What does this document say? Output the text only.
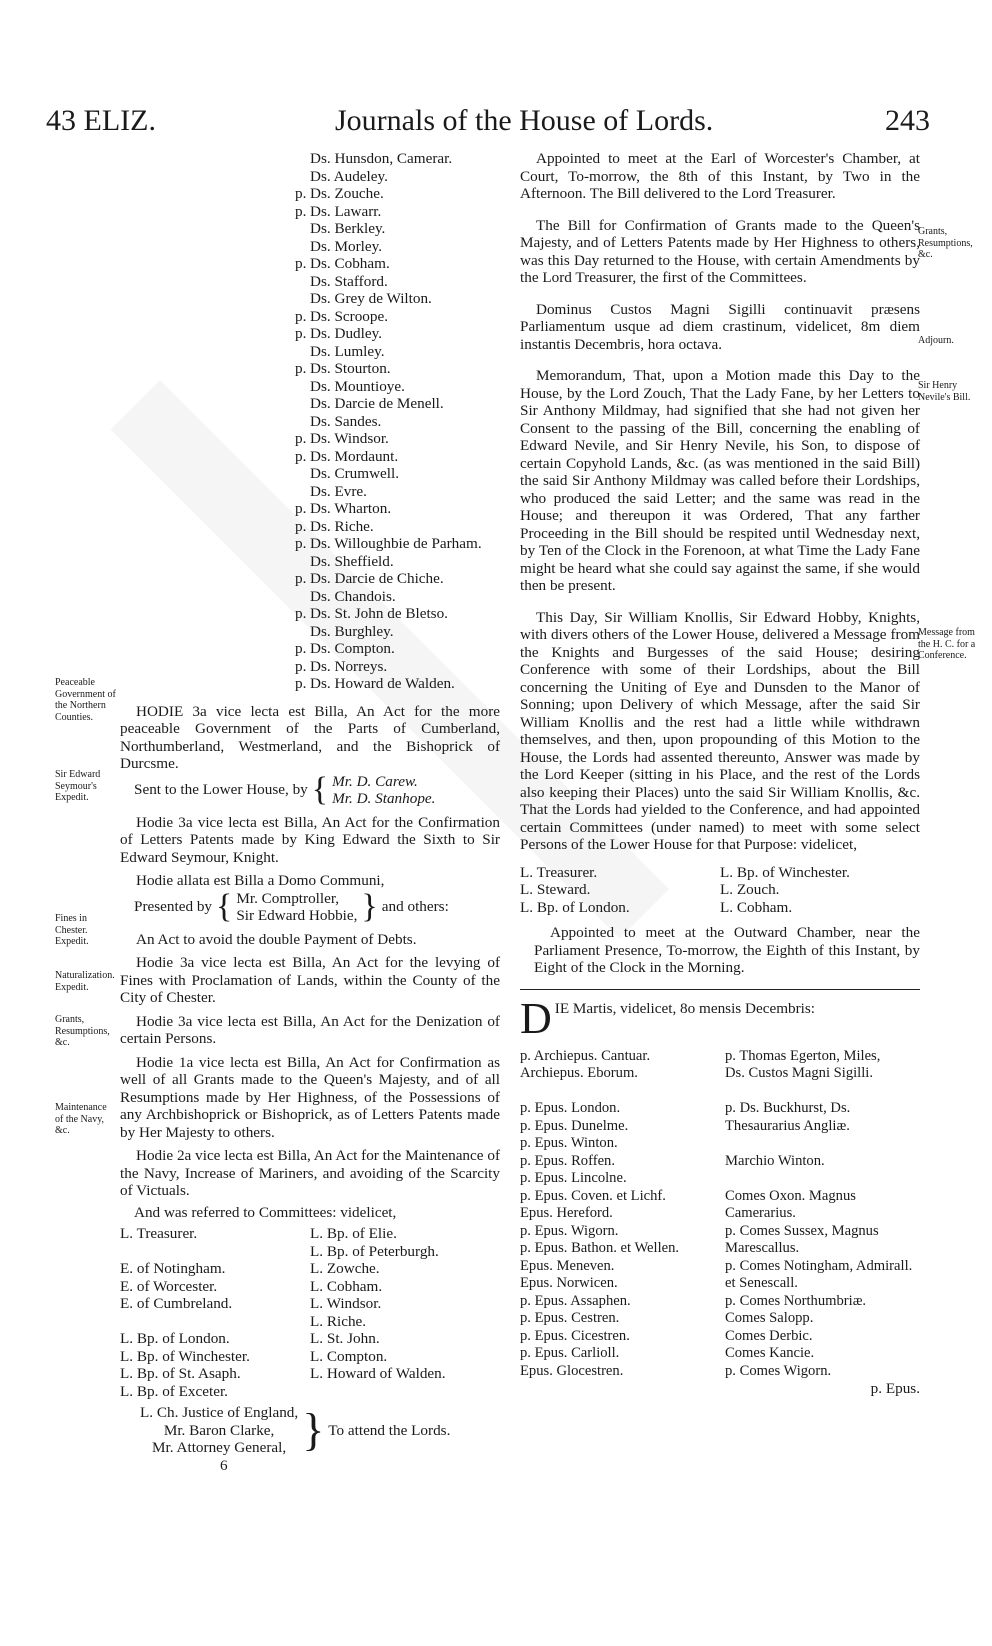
43 ELIZ.	Journals of the House of Lords.	243
Peaceable Government of the Northern Counties.
Sir Edward Seymour's Expedit.
Fines in Chester. Expedit.
Naturalization. Expedit.
Grants, Resumptions, &c.
Maintenance of the Navy, &c.
Grants, Resumptions, &c.
Adjourn.
Sir Henry Nevile's Bill.
Message from the H. C. for a Conference.
Ds. Hunsdon, Camerar.
Ds. Audeley.
p. Ds. Zouche.
p. Ds. Lawarr.
Ds. Berkley.
Ds. Morley.
p. Ds. Cobham.
Ds. Stafford.
Ds. Grey de Wilton.
p. Ds. Scroope.
p. Ds. Dudley.
Ds. Lumley.
p. Ds. Stourton.
Ds. Mountioye.
Ds. Darcie de Menell.
Ds. Sandes.
p. Ds. Windsor.
p. Ds. Mordaunt.
Ds. Crumwell.
Ds. Evre.
p. Ds. Wharton.
p. Ds. Riche.
p. Ds. Willoughbie de Parham.
Ds. Sheffield.
p. Ds. Darcie de Chiche.
Ds. Chandois.
p. Ds. St. John de Bletso.
Ds. Burghley.
p. Ds. Compton.
p. Ds. Norreys.
p. Ds. Howard de Walden.
HODIE 3a vice lecta est Billa, An Act for the more peaceable Government of the Parts of Cumberland, Northumberland, Westmerland, and the Bishoprick of Durcsme.
Sent to the Lower House, by { Mr. D. Carew.
Mr. D. Stanhope.
Hodie 3a vice lecta est Billa, An Act for the Confirmation of Letters Patents made by King Edward the Sixth to Sir Edward Seymour, Knight.
Hodie allata est Billa a Domo Communi,
Presented by { Mr. Comptroller,
Sir Edward Hobbie, } and others:
An Act to avoid the double Payment of Debts.
Hodie 3a vice lecta est Billa, An Act for the levying of Fines with Proclamation of Lands, within the County of the City of Chester.
Hodie 3a vice lecta est Billa, An Act for the Denization of certain Persons.
Hodie 1a vice lecta est Billa, An Act for Confirmation as well of all Grants made to the Queen's Majesty, and of all Resumptions made by Her Highness, of the Possessions of any Archbishoprick or Bishoprick, as of Letters Patents made by Her Majesty to others.
Hodie 2a vice lecta est Billa, An Act for the Maintenance of the Navy, Increase of Mariners, and avoiding of the Scarcity of Victuals.
And was referred to Committees: videlicet,
L. Treasurer.

E. of Notingham.
E. of Worcester.
E. of Cumbreland.

L. Bp. of London.
L. Bp. of Winchester.
L. Bp. of St. Asaph.
L. Bp. of Exceter.
L. Bp. of Elie.
L. Bp. of Peterburgh.
L. Zowche.
L. Cobham.
L. Windsor.
L. Riche.
L. St. John.
L. Compton.
L. Howard of Walden.
L. Ch. Justice of England,
Mr. Baron Clarke,
Mr. Attorney General, } To attend the Lords.
6
Appointed to meet at the Earl of Worcester's Chamber, at Court, To-morrow, the 8th of this Instant, by Two in the Afternoon. The Bill delivered to the Lord Treasurer.
The Bill for Confirmation of Grants made to the Queen's Majesty, and of Letters Patents made by Her Highness to others, was this Day returned to the House, with certain Amendments by the Lord Treasurer, the first of the Committees.
Dominus Custos Magni Sigilli continuavit præsens Parliamentum usque ad diem crastinum, videlicet, 8m diem instantis Decembris, hora octava.
Memorandum, That, upon a Motion made this Day to the House, by the Lord Zouch, That the Lady Fane, by her Letters to Sir Anthony Mildmay, had signified that she had not given her Consent to the passing of the Bill, concerning the enabling of Edward Nevile, and Sir Henry Nevile, his Son, to dispose of certain Copyhold Lands, &c. (as was mentioned in the said Bill) the said Sir Anthony Mildmay was called before their Lordships, who produced the said Letter; and the same was read in the House; and thereupon it was Ordered, That any farther Proceeding in the Bill should be respited until Wednesday next, by Ten of the Clock in the Forenoon, at what Time the Lady Fane might be heard what she could say against the same, if she would then be present.
This Day, Sir William Knollis, Sir Edward Hobby, Knights, with divers others of the Lower House, delivered a Message from the Knights and Burgesses of the said House; desiring Conference with some of their Lordships, about the Bill concerning the Uniting of Eye and Dunsden to the Manor of Sonning; upon Delivery of which Message, after the said Sir William Knollis and the rest had a little while withdrawn themselves, and then, upon propounding of this Motion to the House, the Lords had assented thereunto, Answer was made by the Lord Keeper (sitting in his Place, and the rest of the Lords also keeping their Places) unto the said Sir William Knollis, &c. That the Lords had yielded to the Conference, and had appointed certain Committees (under named) to meet with some select Persons of the Lower House for that Purpose: videlicet,
L. Treasurer.
L. Steward.
L. Bp. of London.
L. Bp. of Winchester.
L. Zouch.
L. Cobham.
Appointed to meet at the Outward Chamber, near the Parliament Presence, To-morrow, the Eighth of this Instant, by Eight of the Clock in the Morning.
D IE Martis, videlicet, 8o mensis Decembris:
p. Archiepus. Cantuar.
Archiepus. Eborum.

p. Epus. London.
p. Epus. Dunelme.
p. Epus. Winton.
p. Epus. Roffen.
p. Epus. Lincolne.
p. Epus. Coven. et Lichf.
Epus. Hereford.
p. Epus. Wigorn.
p. Epus. Bathon. et Wellen.
Epus. Meneven.
Epus. Norwicen.
p. Epus. Assaphen.
p. Epus. Cestren.
p. Epus. Cicestren.
p. Epus. Carlioll.
Epus. Glocestren.
p. Thomas Egerton, Miles,
Ds. Custos Magni Sigilli.

p. Ds. Buckhurst, Ds. Thesaurarius Angliæ.

Marchio Winton.

Comes Oxon. Magnus Camerarius.
p. Comes Sussex, Magnus Marescallus.
p. Comes Notingham, Admirall. et Senescall.
p. Comes Northumbriæ.
Comes Salopp.
Comes Derbic.
Comes Kancie.
p. Comes Wigorn.
p. Epus.
